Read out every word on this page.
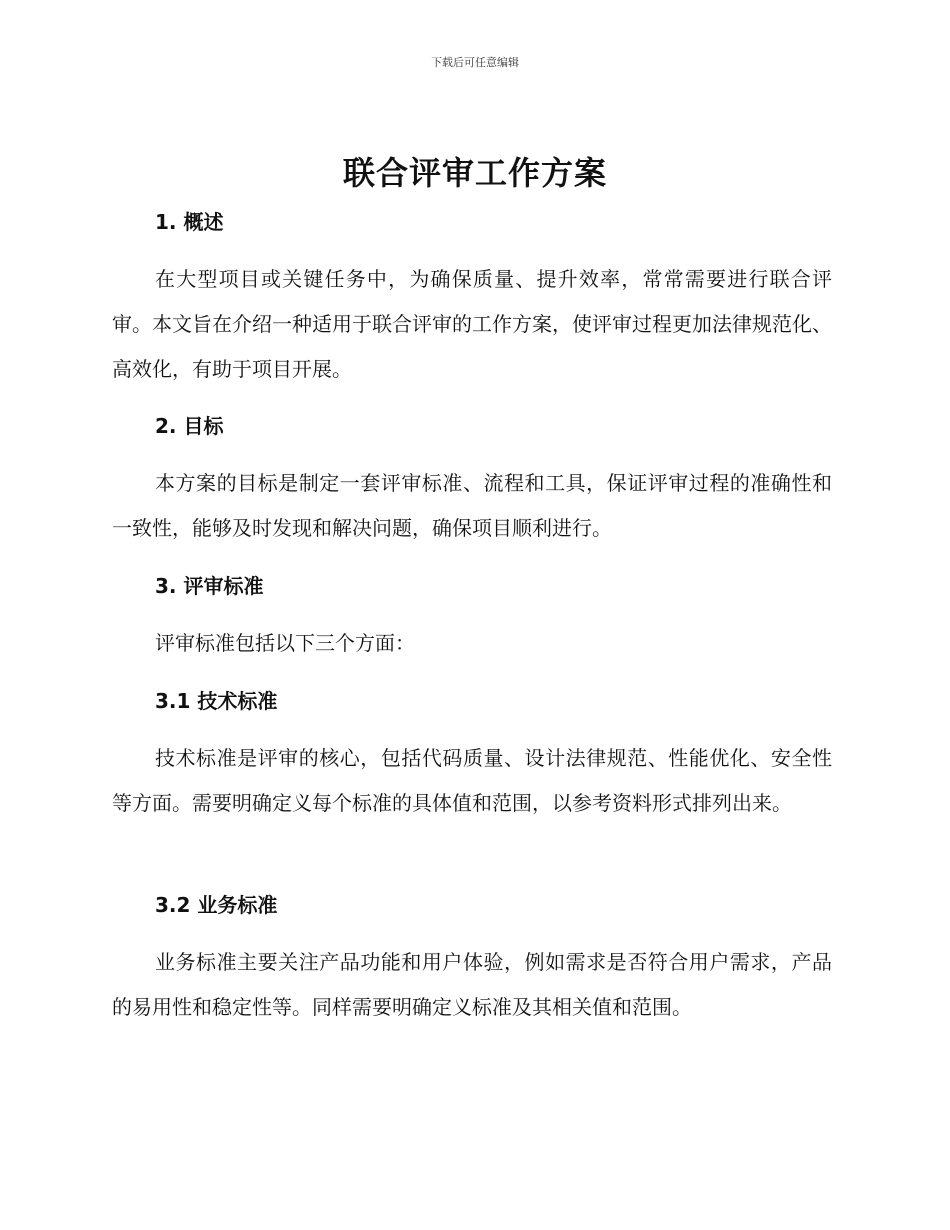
下载后可任意编辑
联合评审工作方案
1. 概述

在大型项目或关键任务中，为确保质量、提升效率，常常需要进行联合评审。本文旨在介绍一种适用于联合评审的工作方案，使评审过程更加法律规范化、高效化，有助于项目开展。

2. 目标

本方案的目标是制定一套评审标准、流程和工具，保证评审过程的准确性和一致性，能够及时发现和解决问题，确保项目顺利进行。

3. 评审标准

评审标准包括以下三个方面：

3.1 技术标准

技术标准是评审的核心，包括代码质量、设计法律规范、性能优化、安全性等方面。需要明确定义每个标准的具体值和范围，以参考资料形式排列出来。

3.2 业务标准

业务标准主要关注产品功能和用户体验，例如需求是否符合用户需求，产品的易用性和稳定性等。同样需要明确定义标准及其相关值和范围。
